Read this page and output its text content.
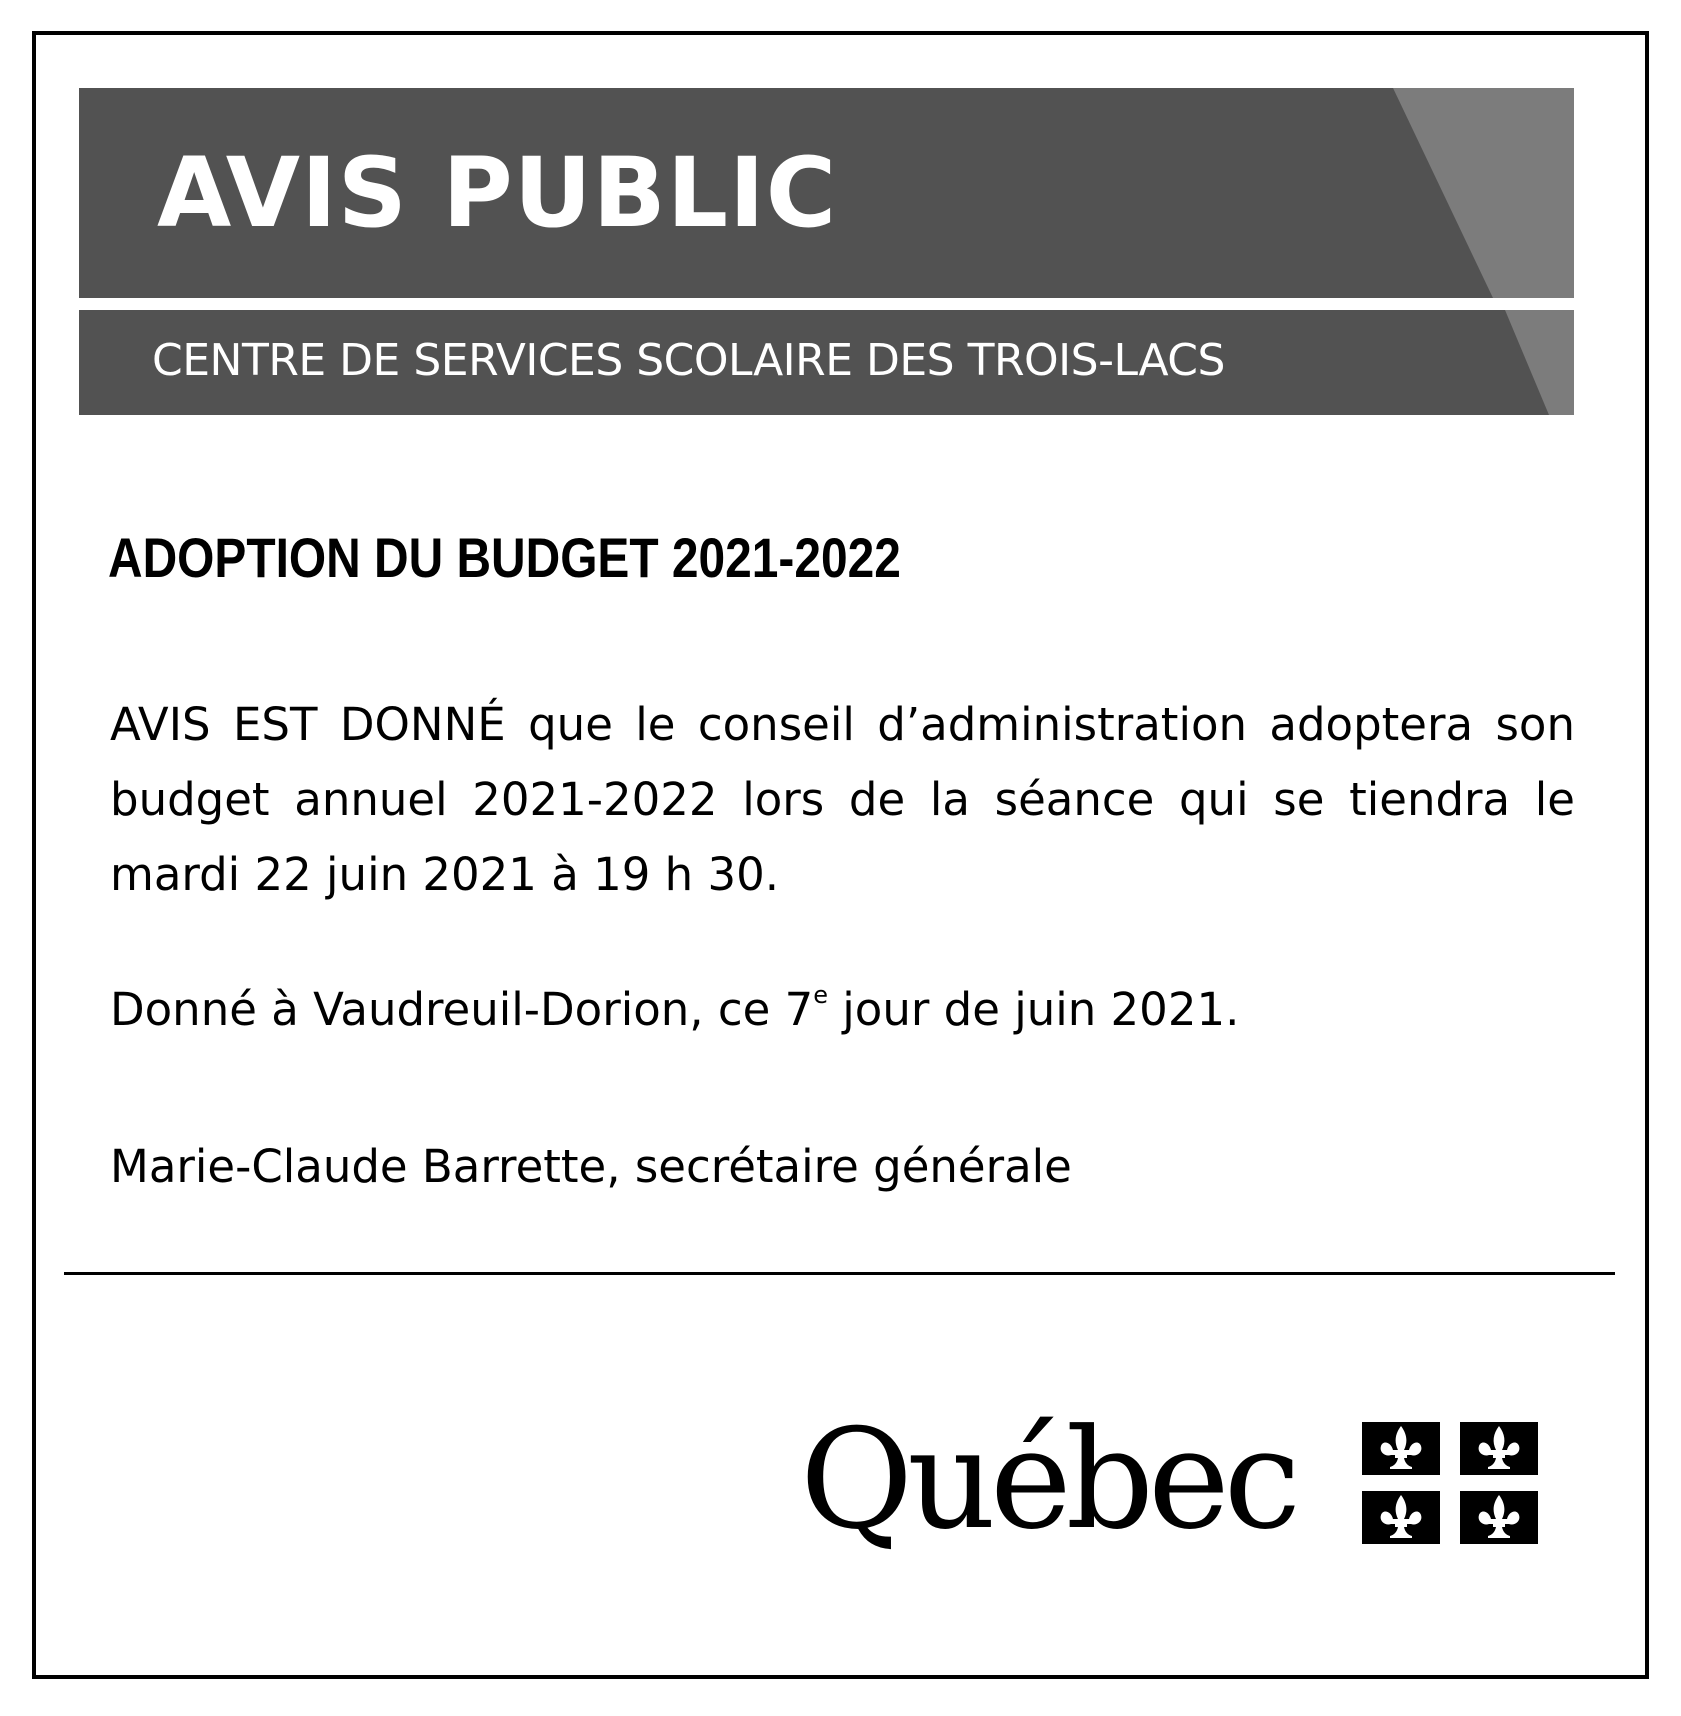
AVIS PUBLIC
CENTRE DE SERVICES SCOLAIRE DES TROIS-LACS
ADOPTION DU BUDGET 2021-2022
AVIS EST DONNÉ que le conseil d’administration adoptera son budget annuel 2021-2022 lors de la séance qui se tiendra le mardi 22 juin 2021 à 19 h 30.
Donné à Vaudreuil-Dorion, ce 7e jour de juin 2021.
Marie-Claude Barrette, secrétaire générale
Québec
